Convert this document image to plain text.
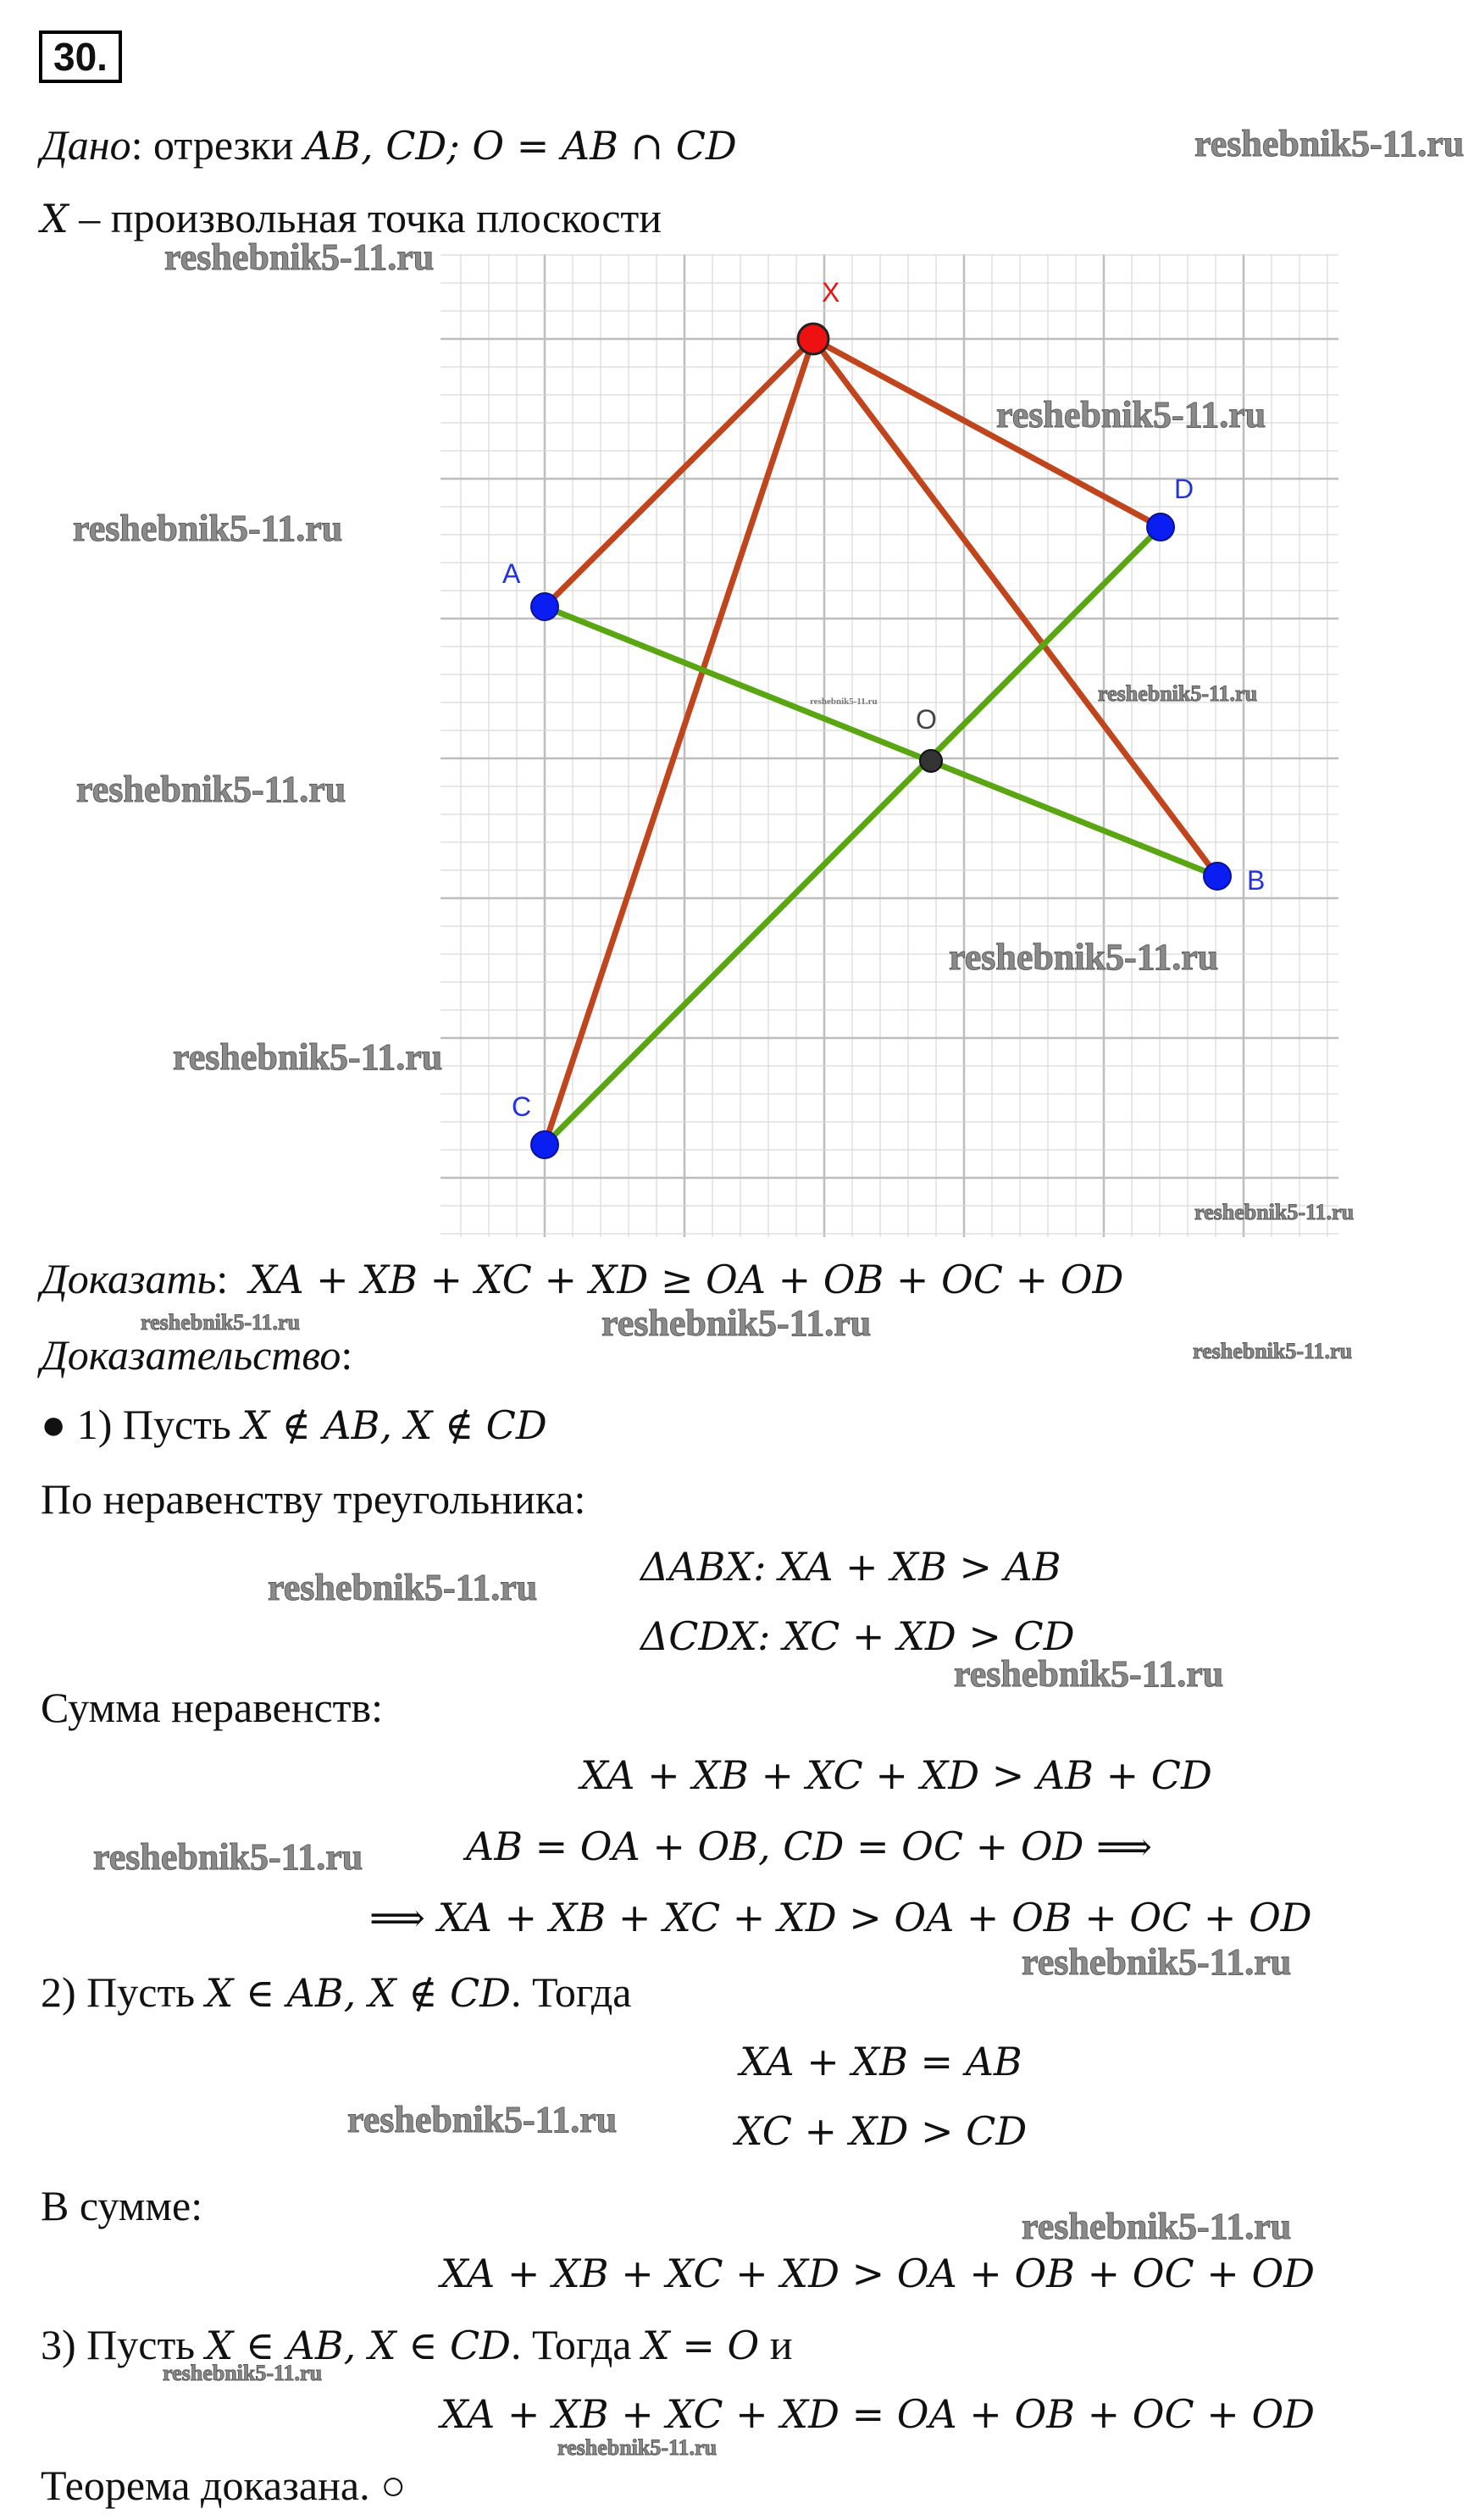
30.
Дано: отрезки AB, CD; O = AB ∩ CD
X – произвольная точка плоскости
X
A
B
C
D
O
Доказать:  XA + XB + XC + XD ≥ OA + OB + OC + OD
Доказательство:
● 1) Пусть X ∉ AB, X ∉ CD
По неравенству треугольника:
ΔABX: XA + XB > AB
ΔCDX: XC + XD > CD
Сумма неравенств:
XA + XB + XC + XD > AB + CD
AB = OA + OB, CD = OC + OD ⟹
⟹ XA + XB + XC + XD > OA + OB + OC + OD
2) Пусть X ∈ AB, X ∉ CD. Тогда
XA + XB = AB
XC + XD > CD
В сумме:
XA + XB + XC + XD > OA + OB + OC + OD
3) Пусть X ∈ AB, X ∈ CD. Тогда X = O и
XA + XB + XC + XD = OA + OB + OC + OD
Теорема доказана. ○
reshebnik5-11.ru
reshebnik5-11.ru
reshebnik5-11.ru
reshebnik5-11.ru
reshebnik5-11.ru
reshebnik5-11.ru
reshebnik5-11.ru
reshebnik5-11.ru
reshebnik5-11.ru
reshebnik5-11.ru
reshebnik5-11.ru
reshebnik5-11.ru
reshebnik5-11.ru
reshebnik5-11.ru
reshebnik5-11.ru
reshebnik5-11.ru
reshebnik5-11.ru
reshebnik5-11.ru
reshebnik5-11.ru
reshebnik5-11.ru
reshebnik5-11.ru
